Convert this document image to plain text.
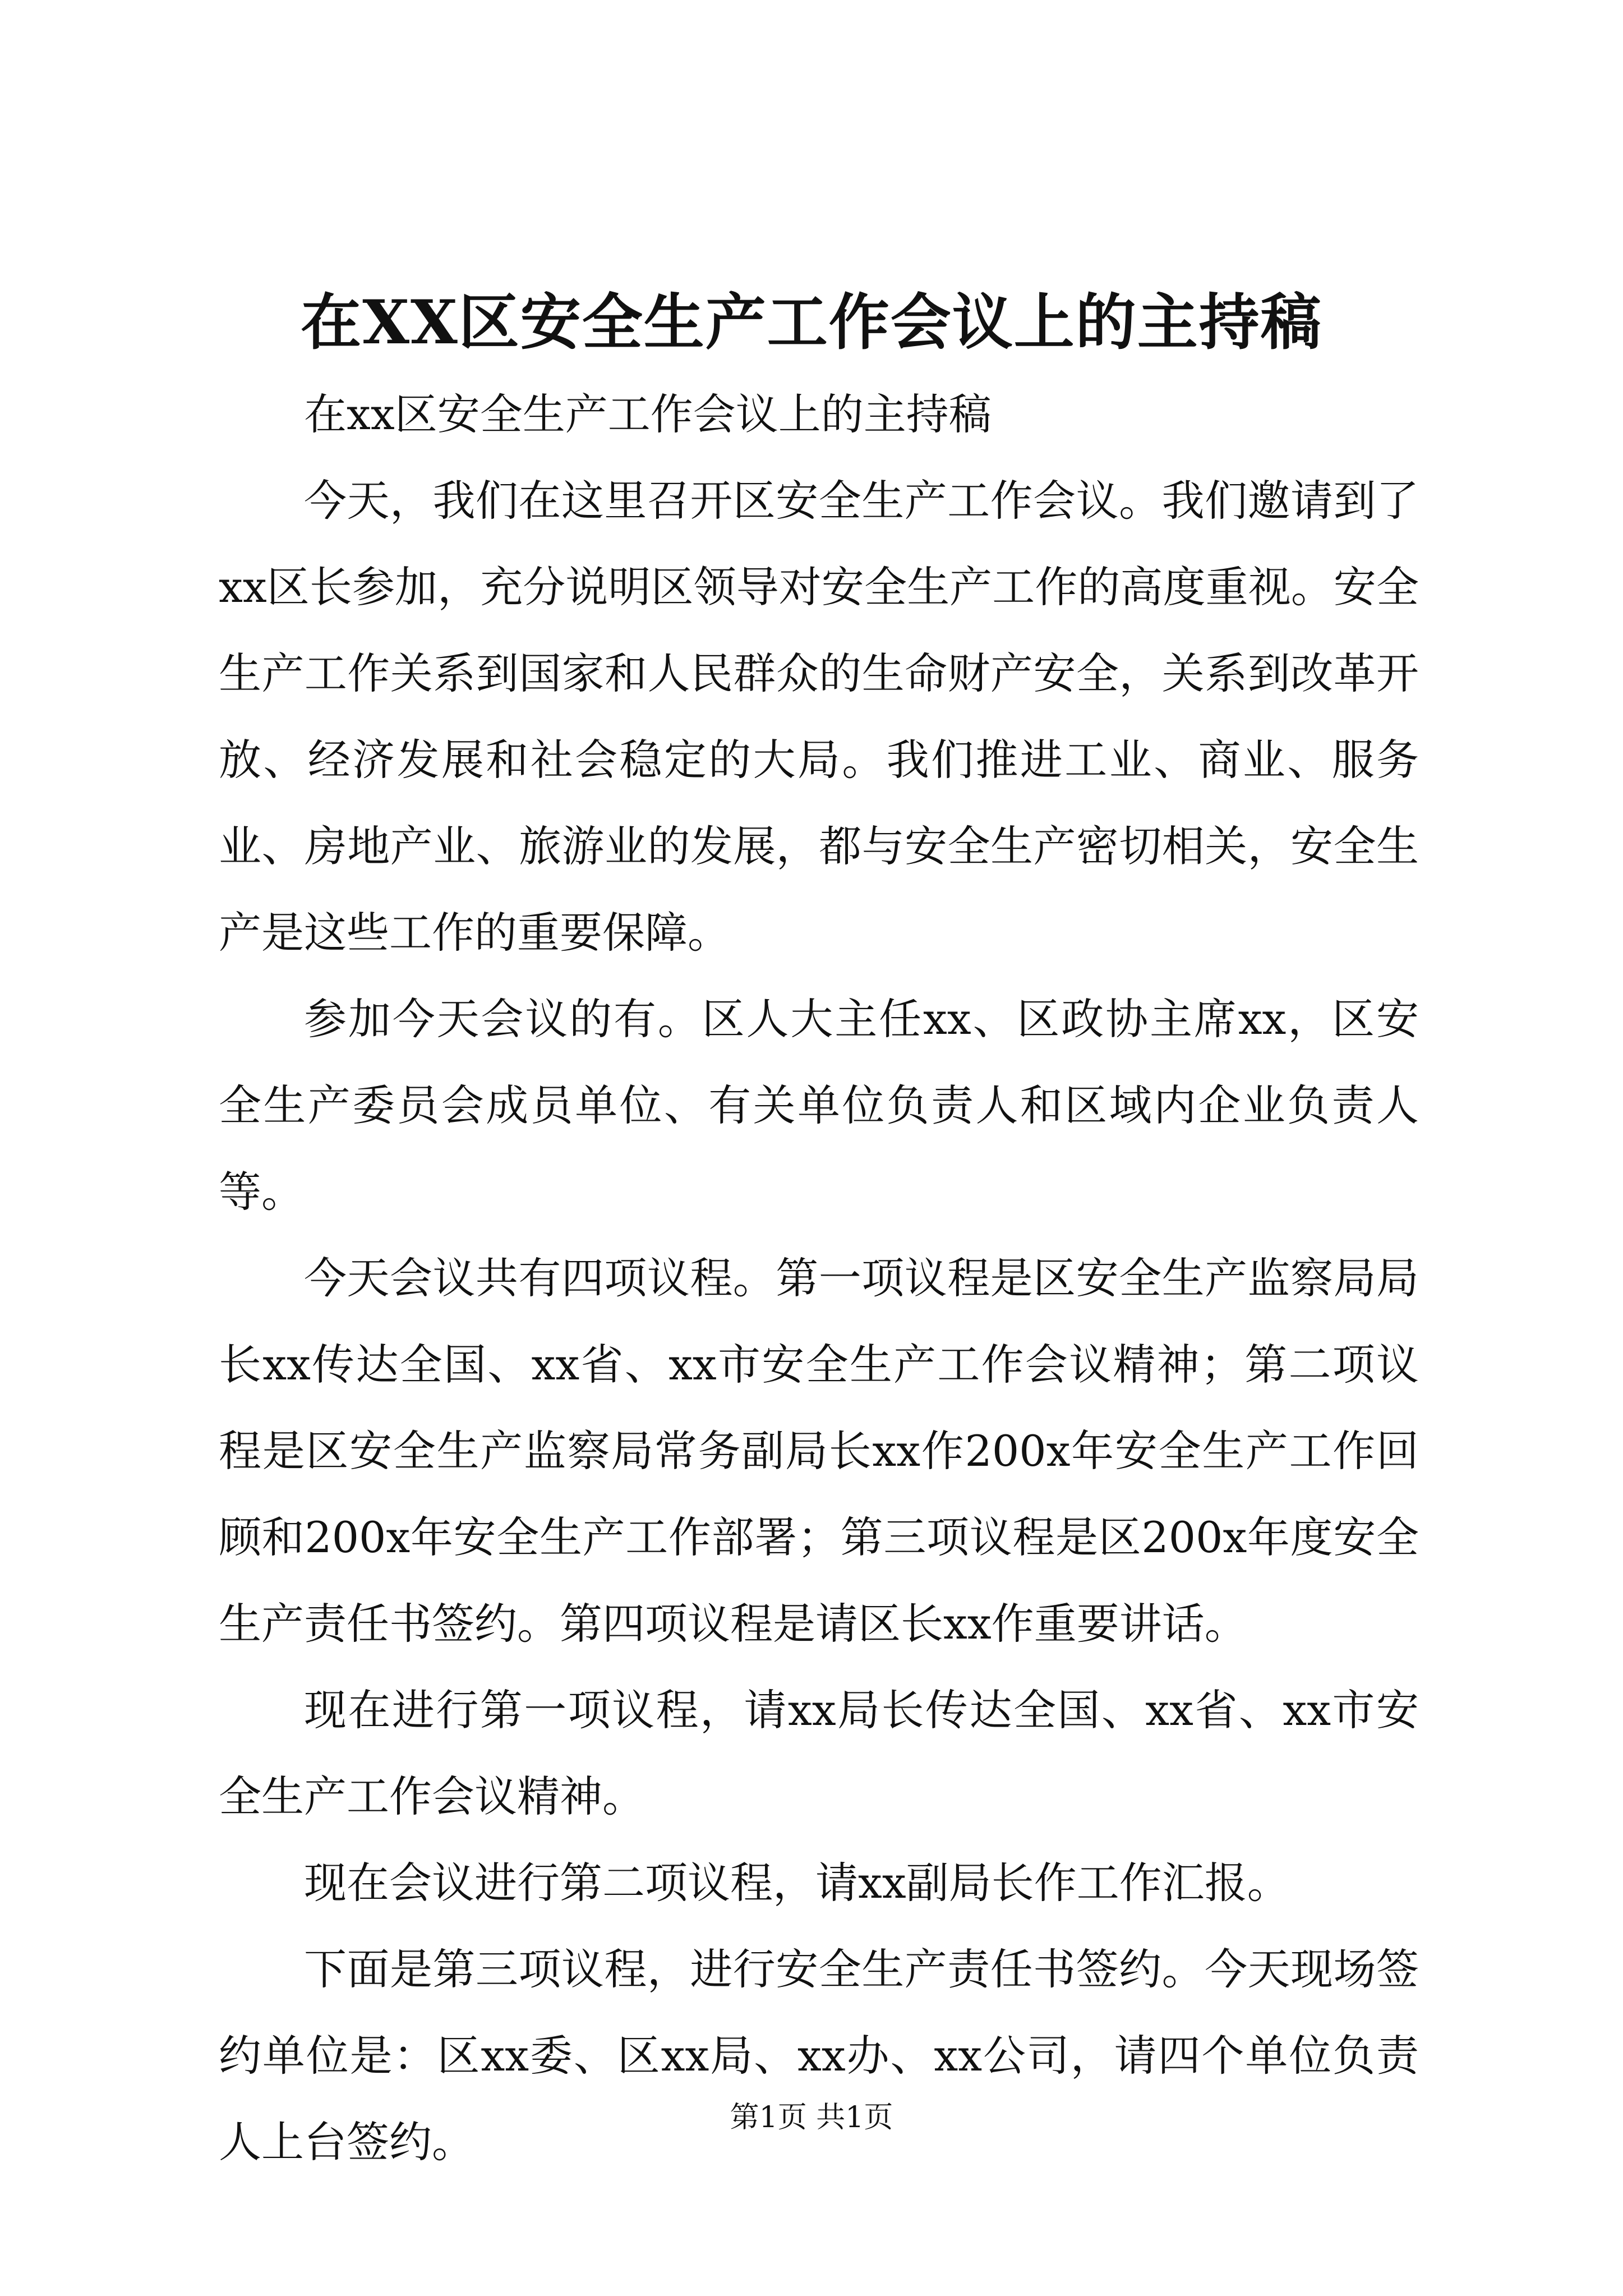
在XX区安全生产工作会议上的主持稿

在xx区安全生产工作会议上的主持稿

今天，我们在这里召开区安全生产工作会议。我们邀请到了xx区长参加，充分说明区领导对安全生产工作的高度重视。安全生产工作关系到国家和人民群众的生命财产安全，关系到改革开放、经济发展和社会稳定的大局。我们推进工业、商业、服务业、房地产业、旅游业的发展，都与安全生产密切相关，安全生产是这些工作的重要保障。

参加今天会议的有。区人大主任xx、区政协主席xx，区安全生产委员会成员单位、有关单位负责人和区域内企业负责人等。

今天会议共有四项议程。第一项议程是区安全生产监察局局长xx传达全国、xx省、xx市安全生产工作会议精神；第二项议程是区安全生产监察局常务副局长xx作200x年安全生产工作回顾和200x年安全生产工作部署；第三项议程是区200x年度安全生产责任书签约。第四项议程是请区长xx作重要讲话。

现在进行第一项议程，请xx局长传达全国、xx省、xx市安全生产工作会议精神。

现在会议进行第二项议程，请xx副局长作工作汇报。

下面是第三项议程，进行安全生产责任书签约。今天现场签约单位是：区xx委、区xx局、xx办、xx公司，请四个单位负责人上台签约。	第1页 共1页
